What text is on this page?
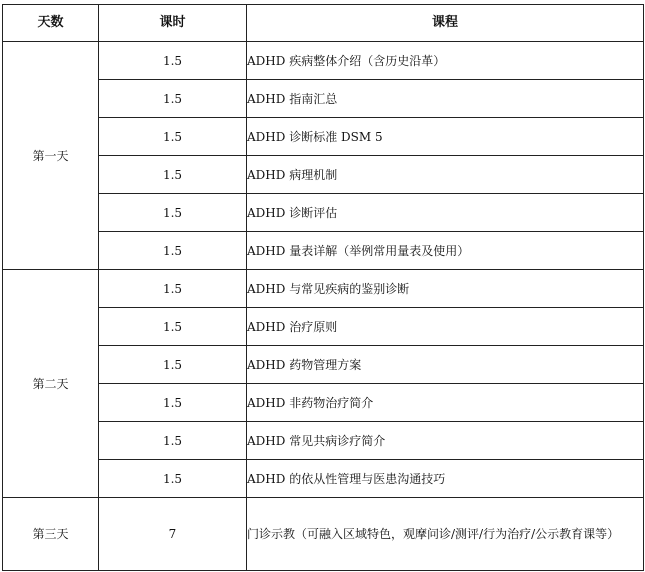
天数	课时	课程
第一天	1.5	ADHD 疾病整体介绍（含历史沿革）
	1.5	ADHD 指南汇总
	1.5	ADHD 诊断标准 DSM 5
	1.5	ADHD 病理机制
	1.5	ADHD 诊断评估
	1.5	ADHD 量表详解（举例常用量表及使用）
第二天	1.5	ADHD 与常见疾病的鉴别诊断
	1.5	ADHD 治疗原则
	1.5	ADHD 药物管理方案
	1.5	ADHD 非药物治疗简介
	1.5	ADHD 常见共病诊疗简介
	1.5	ADHD 的依从性管理与医患沟通技巧
第三天	7	门诊示教（可融入区域特色，观摩问诊/测评/行为治疗/公示教育课等）
